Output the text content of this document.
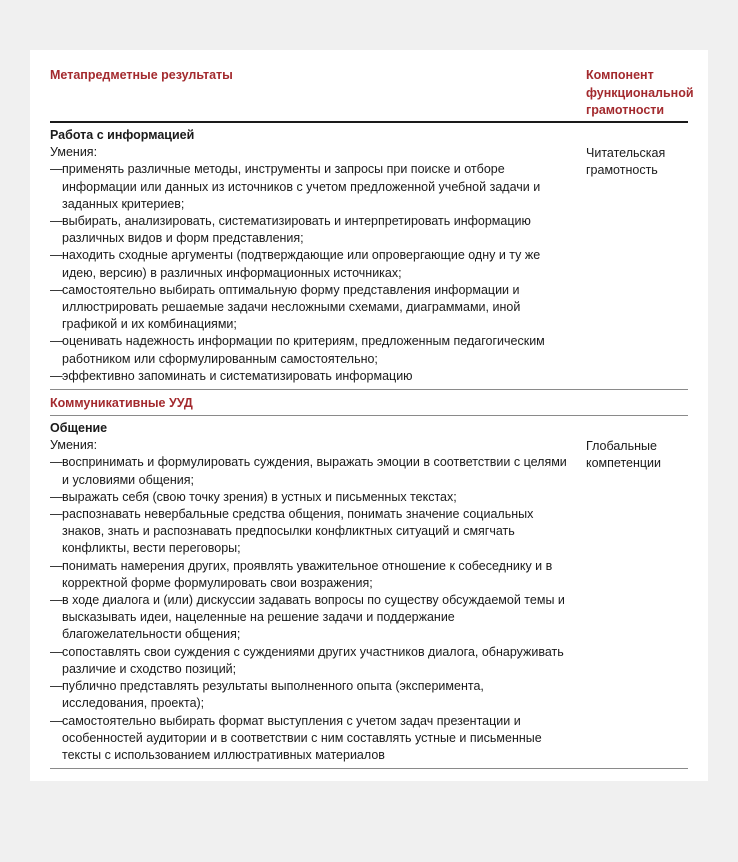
Метапредметные результаты	Компонент функциональной грамотности
Работа с информацией
Умения:
— применять различные методы, инструменты и запросы при поиске и отборе информации или данных из источников с учетом предложенной учебной задачи и заданных критериев;
— выбирать, анализировать, систематизировать и интерпретировать информацию различных видов и форм представления;
— находить сходные аргументы (подтверждающие или опровергающие одну и ту же идею, версию) в различных информационных источниках;
— самостоятельно выбирать оптимальную форму представления информации и иллюстрировать решаемые задачи несложными схемами, диаграммами, иной графикой и их комбинациями;
— оценивать надежность информации по критериям, предложенным педагогическим работником или сформулированным самостоятельно;
— эффективно запоминать и систематизировать информацию
Читательская грамотность
Коммуникативные УУД
Общение
Умения:
— воспринимать и формулировать суждения, выражать эмоции в соответствии с целями и условиями общения;
— выражать себя (свою точку зрения) в устных и письменных текстах;
— распознавать невербальные средства общения, понимать значение социальных знаков, знать и распознавать предпосылки конфликтных ситуаций и смягчать конфликты, вести переговоры;
— понимать намерения других, проявлять уважительное отношение к собеседнику и в корректной форме формулировать свои возражения;
— в ходе диалога и (или) дискуссии задавать вопросы по существу обсуждаемой темы и высказывать идеи, нацеленные на решение задачи и поддержание благожелательности общения;
— сопоставлять свои суждения с суждениями других участников диалога, обнаруживать различие и сходство позиций;
— публично представлять результаты выполненного опыта (эксперимента, исследования, проекта);
— самостоятельно выбирать формат выступления с учетом задач презентации и особенностей аудитории и в соответствии с ним составлять устные и письменные тексты с использованием иллюстративных материалов
Глобальные компетенции
